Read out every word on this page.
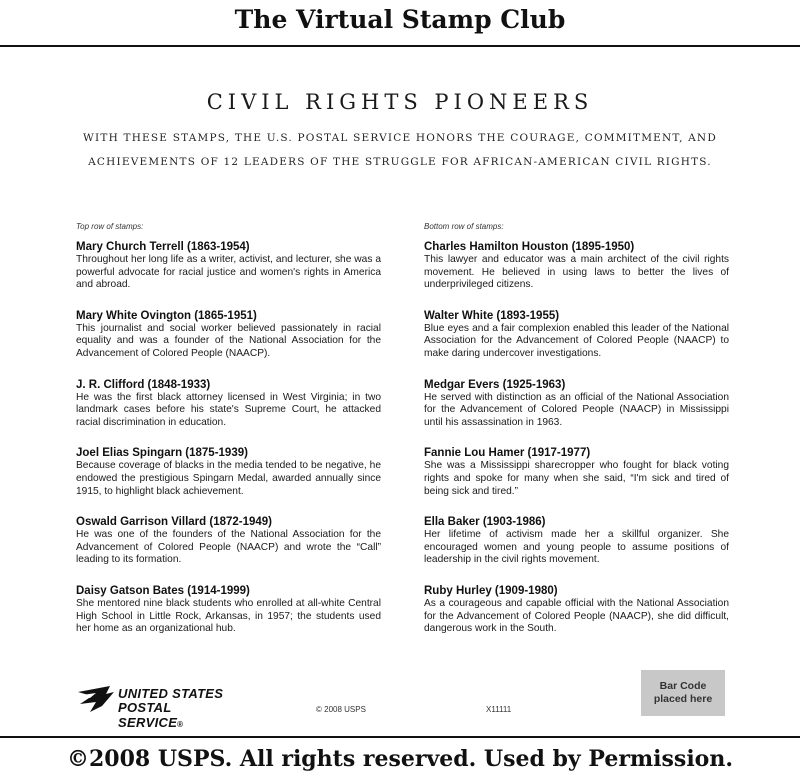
The Virtual Stamp Club
CIVIL RIGHTS PIONEERS
WITH THESE STAMPS, THE U.S. POSTAL SERVICE HONORS THE COURAGE, COMMITMENT, AND
ACHIEVEMENTS OF 12 LEADERS OF THE STRUGGLE FOR AFRICAN-AMERICAN CIVIL RIGHTS.
Top row of stamps:
Mary Church Terrell (1863-1954)
Throughout her long life as a writer, activist, and lecturer, she was a powerful advocate for racial justice and women's rights in America and abroad.
Mary White Ovington (1865-1951)
This journalist and social worker believed passionately in racial equality and was a founder of the National Association for the Advancement of Colored People (NAACP).
J. R. Clifford (1848-1933)
He was the first black attorney licensed in West Virginia; in two landmark cases before his state's Supreme Court, he attacked racial discrimination in education.
Joel Elias Spingarn (1875-1939)
Because coverage of blacks in the media tended to be negative, he endowed the prestigious Spingarn Medal, awarded annually since 1915, to highlight black achievement.
Oswald Garrison Villard (1872-1949)
He was one of the founders of the National Association for the Advancement of Colored People (NAACP) and wrote the “Call” leading to its formation.
Daisy Gatson Bates (1914-1999)
She mentored nine black students who enrolled at all-white Central High School in Little Rock, Arkansas, in 1957; the students used her home as an organizational hub.
Bottom row of stamps:
Charles Hamilton Houston (1895-1950)
This lawyer and educator was a main architect of the civil rights movement. He believed in using laws to better the lives of underprivileged citizens.
Walter White (1893-1955)
Blue eyes and a fair complexion enabled this leader of the National Association for the Advancement of Colored People (NAACP) to make daring undercover investigations.
Medgar Evers (1925-1963)
He served with distinction as an official of the National Association for the Advancement of Colored People (NAACP) in Mississippi until his assassination in 1963.
Fannie Lou Hamer (1917-1977)
She was a Mississippi sharecropper who fought for black voting rights and spoke for many when she said, “I'm sick and tired of being sick and tired.”
Ella Baker (1903-1986)
Her lifetime of activism made her a skillful organizer. She encouraged women and young people to assume positions of leadership in the civil rights movement.
Ruby Hurley (1909-1980)
As a courageous and capable official with the National Association for the Advancement of Colored People (NAACP), she did difficult, dangerous work in the South.
UNITED STATES
POSTAL SERVICE®
© 2008 USPS	X11111
Bar Code
placed here
©2008 USPS. All rights reserved. Used by Permission.
